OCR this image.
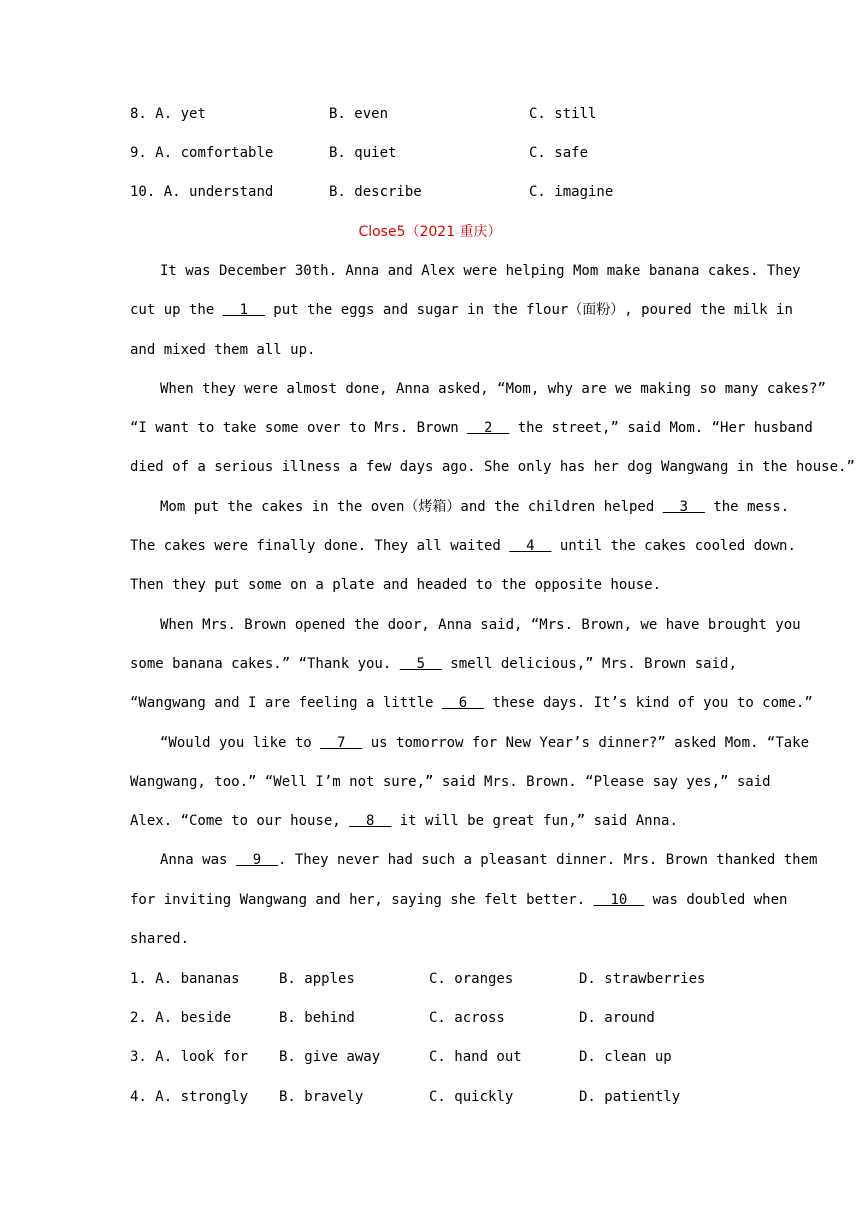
8. A. yet	B. even	C. still
9. A. comfortable	B. quiet	C. safe
10. A. understand	B. describe	C. imagine
Close5（2021 重庆）
It was December 30th. Anna and Alex were helping Mom make banana cakes. They
cut up the   1   put the eggs and sugar in the flour（面粉）, poured the milk in
and mixed them all up.
When they were almost done, Anna asked, “Mom, why are we making so many cakes?”
“I want to take some over to Mrs. Brown   2   the street,” said Mom. “Her husband
died of a serious illness a few days ago. She only has her dog Wangwang in the house.”
Mom put the cakes in the oven（烤箱）and the children helped   3   the mess.
The cakes were finally done. They all waited   4   until the cakes cooled down.
Then they put some on a plate and headed to the opposite house.
When Mrs. Brown opened the door, Anna said, “Mrs. Brown, we have brought you
some banana cakes.” “Thank you.   5   smell delicious,” Mrs. Brown said,
“Wangwang and I are feeling a little   6   these days. It’s kind of you to come.”
“Would you like to   7   us tomorrow for New Year’s dinner?” asked Mom. “Take
Wangwang, too.” “Well I’m not sure,” said Mrs. Brown. “Please say yes,” said
Alex. “Come to our house,   8   it will be great fun,” said Anna.
Anna was   9  . They never had such a pleasant dinner. Mrs. Brown thanked them
for inviting Wangwang and her, saying she felt better.   10   was doubled when
shared.
1. A. bananas	B. apples	C. oranges	D. strawberries
2. A. beside	B. behind	C. across	D. around
3. A. look for B. give away	C. hand out	D. clean up
4. A. strongly B. bravely	C. quickly	D. patiently
